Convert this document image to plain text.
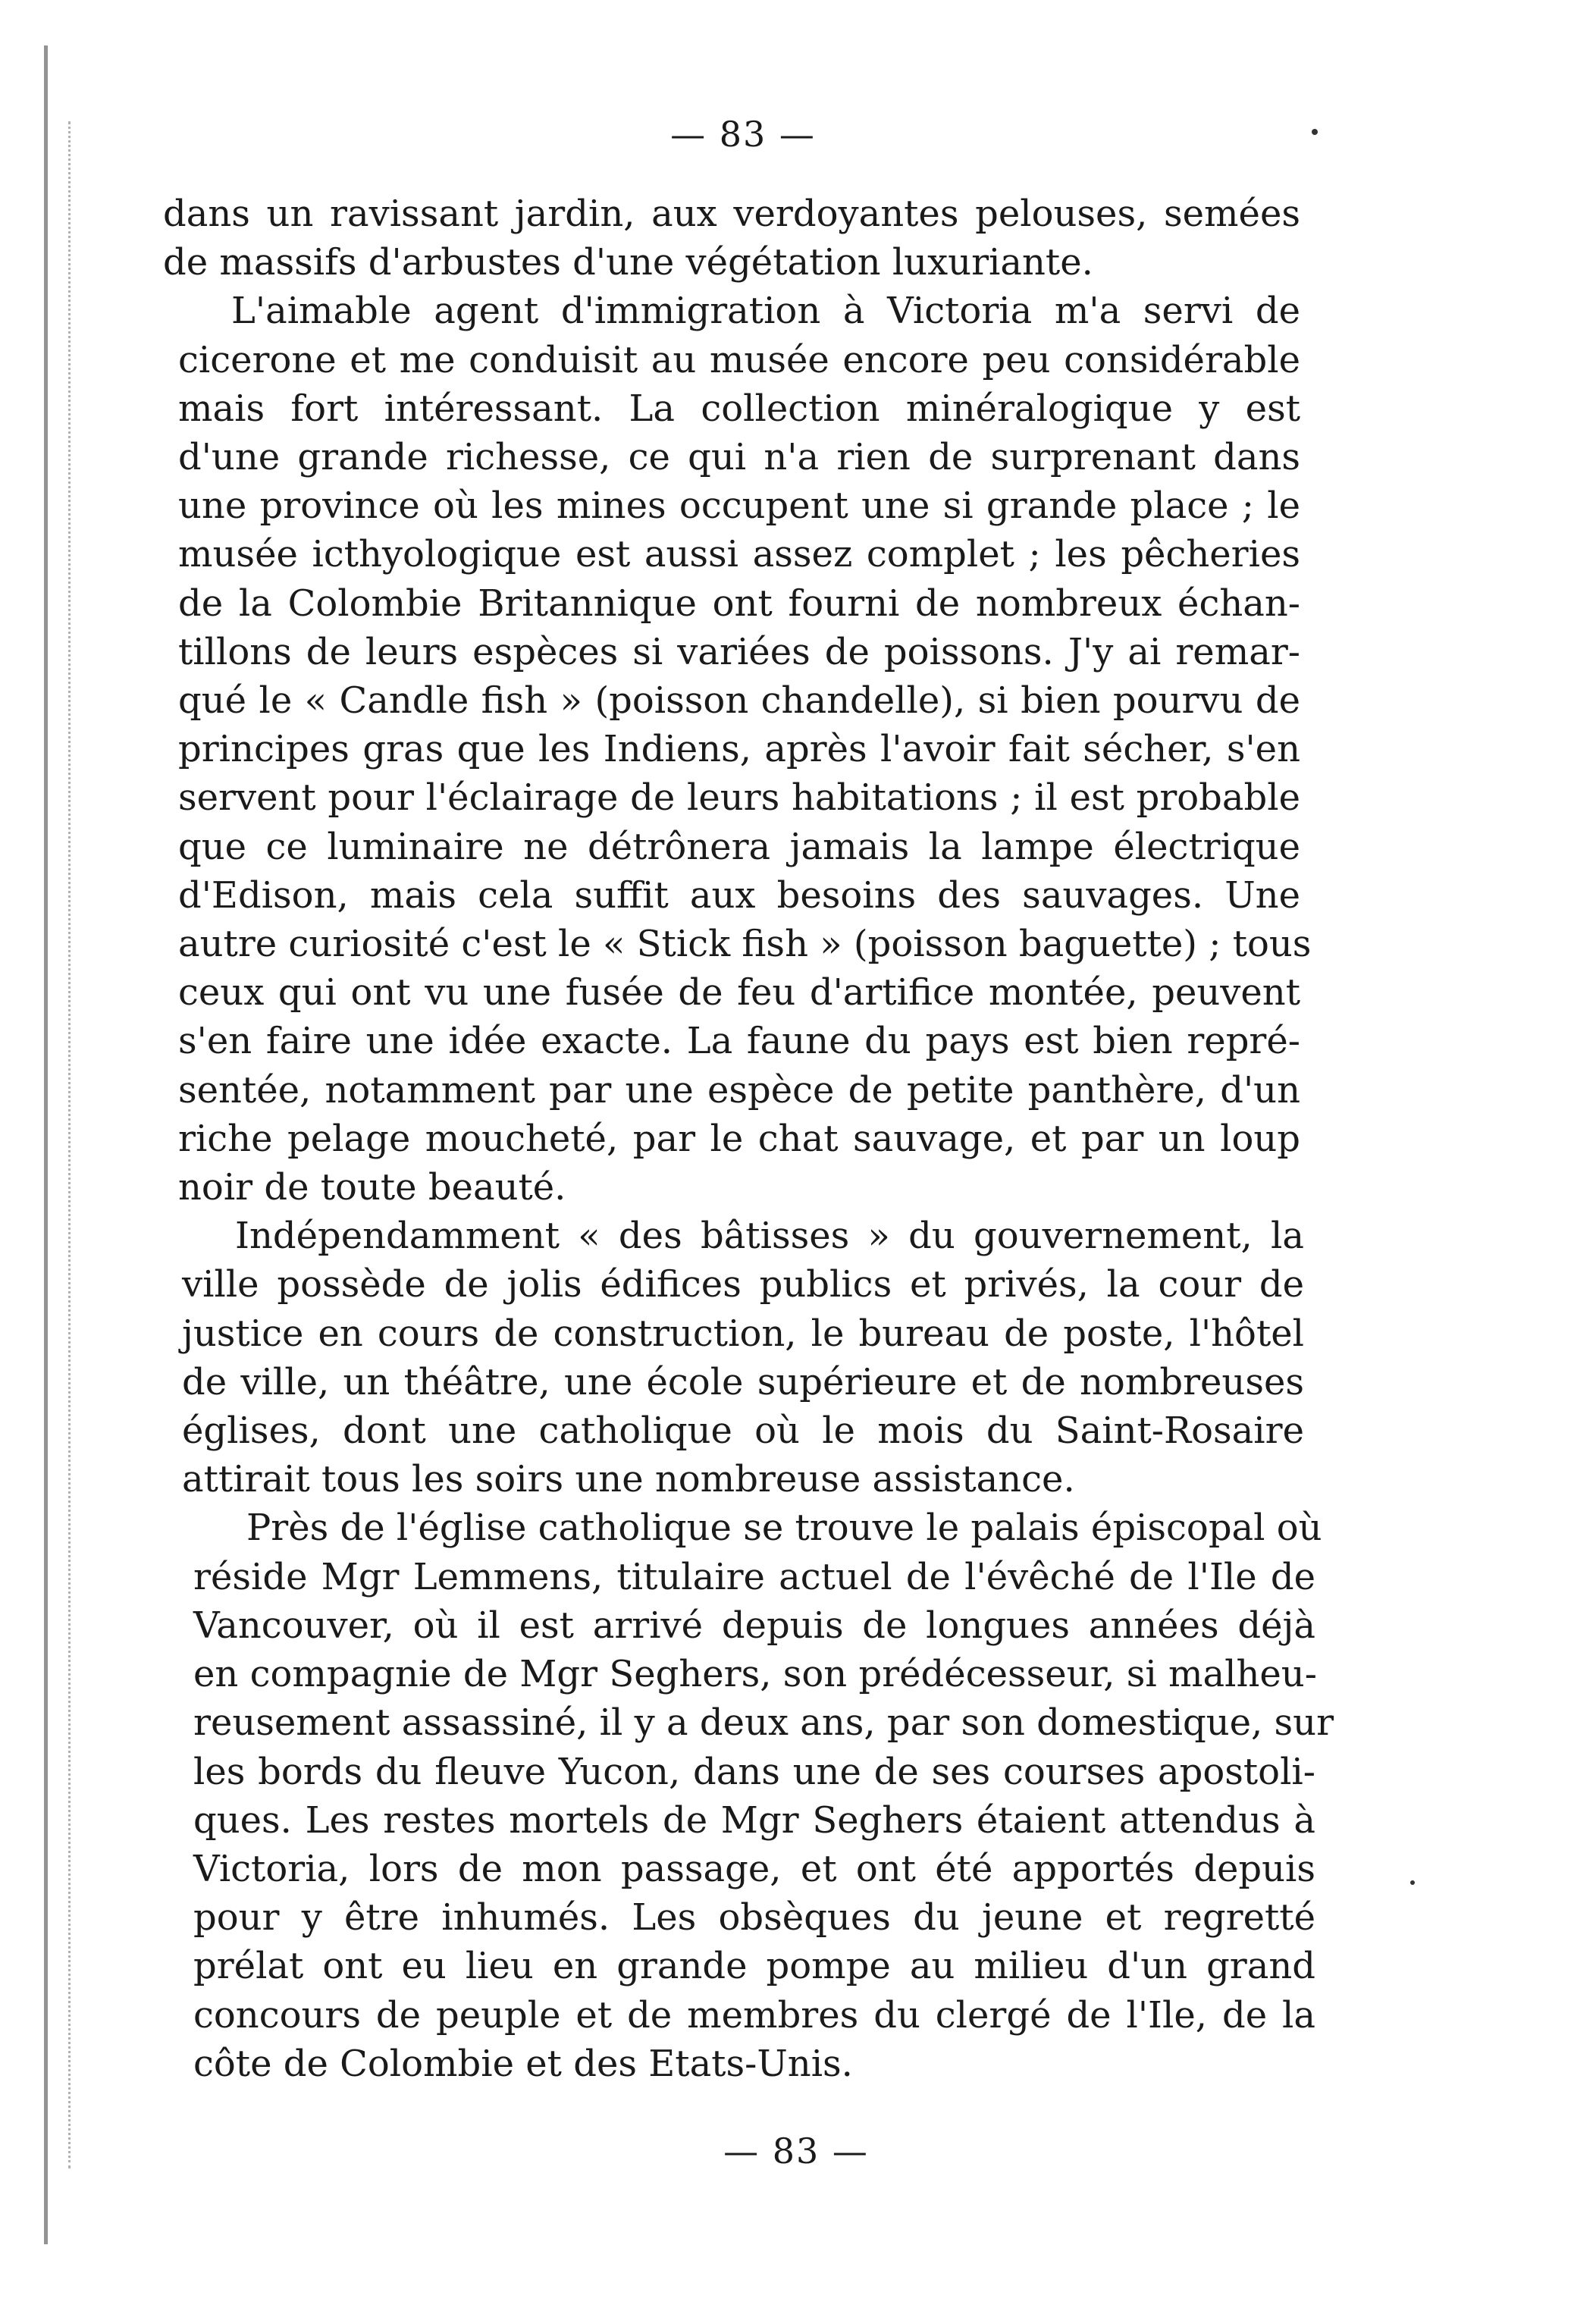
— 83 —
dans un ravissant jardin, aux verdoyantes pelouses, semées
de massifs d'arbustes d'une végétation luxuriante.
L'aimable agent d'immigration à Victoria m'a servi de
cicerone et me conduisit au musée encore peu considérable
mais fort intéressant. La collection minéralogique y est
d'une grande richesse, ce qui n'a rien de surprenant dans
une province où les mines occupent une si grande place ; le
musée icthyologique est aussi assez complet ; les pêcheries
de la Colombie Britannique ont fourni de nombreux échan-
tillons de leurs espèces si variées de poissons. J'y ai remar-
qué le « Candle fish » (poisson chandelle), si bien pourvu de
principes gras que les Indiens, après l'avoir fait sécher, s'en
servent pour l'éclairage de leurs habitations ; il est probable
que ce luminaire ne détrônera jamais la lampe électrique
d'Edison, mais cela suffit aux besoins des sauvages. Une
autre curiosité c'est le « Stick fish » (poisson baguette) ; tous
ceux qui ont vu une fusée de feu d'artifice montée, peuvent
s'en faire une idée exacte. La faune du pays est bien repré-
sentée, notamment par une espèce de petite panthère, d'un
riche pelage moucheté, par le chat sauvage, et par un loup
noir de toute beauté.
Indépendamment « des bâtisses » du gouvernement, la
ville possède de jolis édifices publics et privés, la cour de
justice en cours de construction, le bureau de poste, l'hôtel
de ville, un théâtre, une école supérieure et de nombreuses
églises, dont une catholique où le mois du Saint-Rosaire
attirait tous les soirs une nombreuse assistance.
Près de l'église catholique se trouve le palais épiscopal où
réside Mgr Lemmens, titulaire actuel de l'évêché de l'Ile de
Vancouver, où il est arrivé depuis de longues années déjà
en compagnie de Mgr Seghers, son prédécesseur, si malheu-
reusement assassiné, il y a deux ans, par son domestique, sur
les bords du fleuve Yucon, dans une de ses courses apostoli-
ques. Les restes mortels de Mgr Seghers étaient attendus à
Victoria, lors de mon passage, et ont été apportés depuis
pour y être inhumés. Les obsèques du jeune et regretté
prélat ont eu lieu en grande pompe au milieu d'un grand
concours de peuple et de membres du clergé de l'Ile, de la
côte de Colombie et des Etats-Unis.
— 83 —
